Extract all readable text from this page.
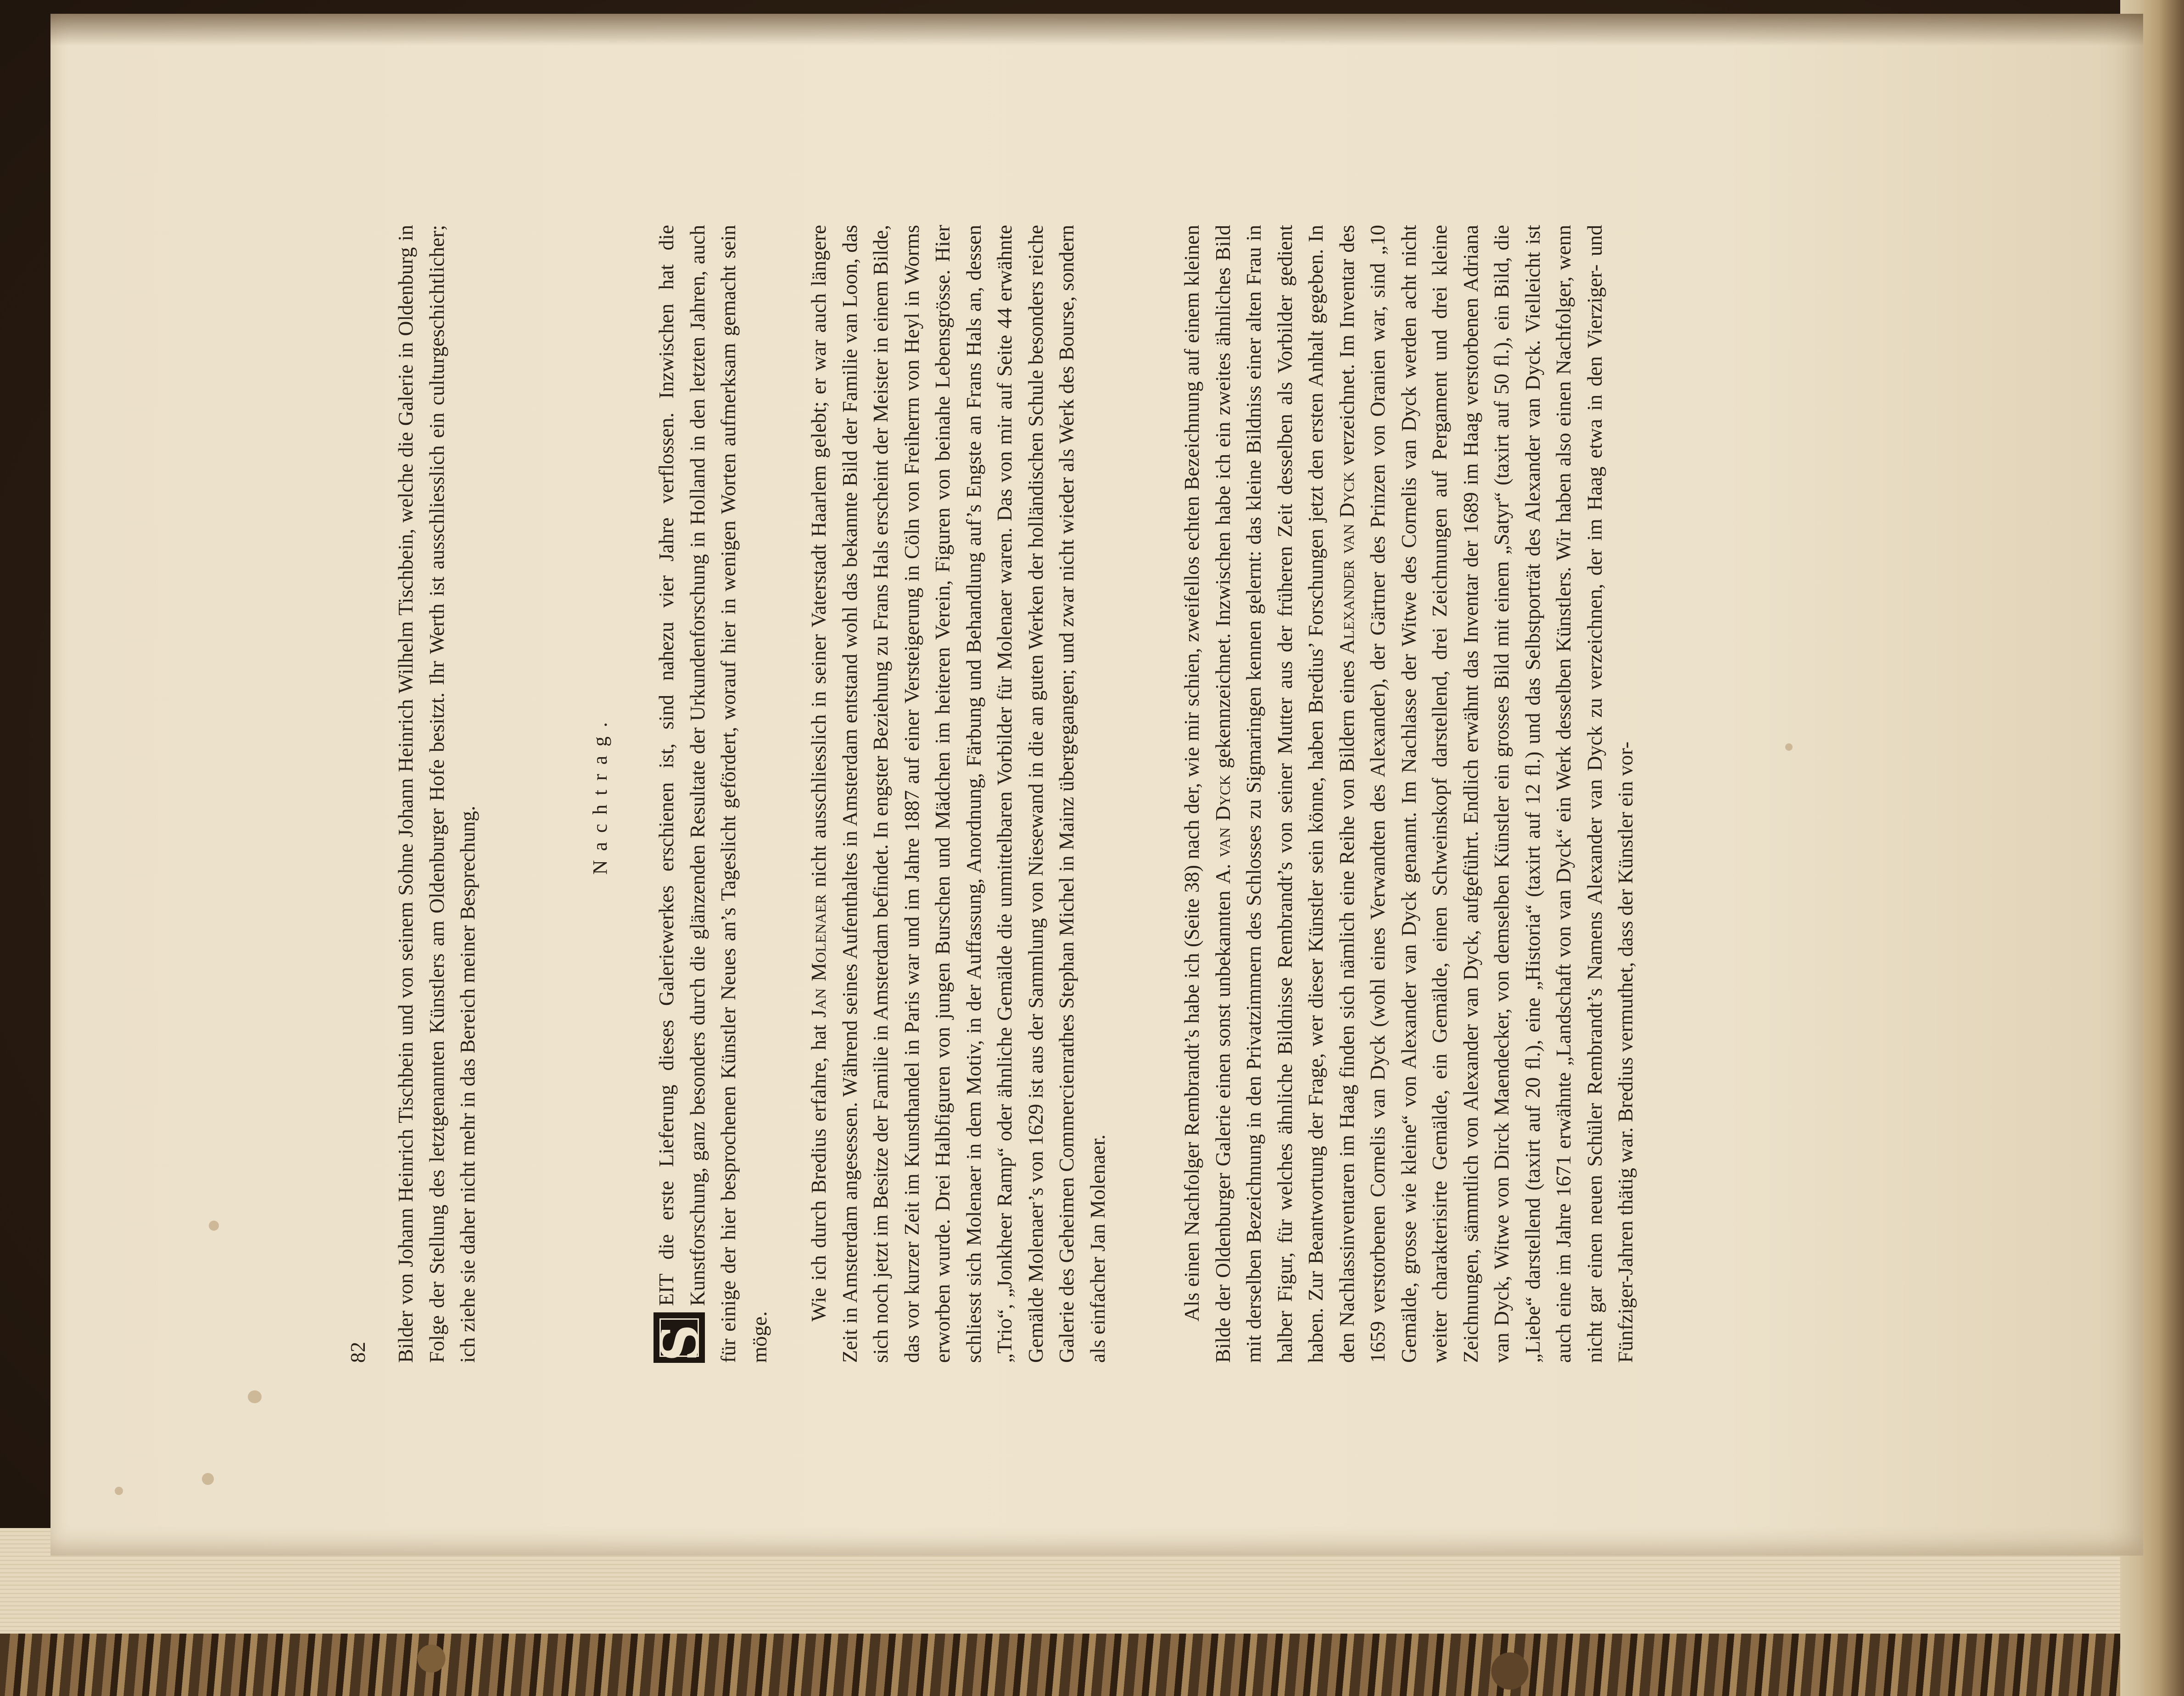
82 Bilder von Johann Heinrich Tischbein und von seinem Sohne Johann Heinrich Wilhelm Tischbein, welche die Galerie in Oldenburg in Folge der Stellung des letztgenannten Künstlers am Oldenburger Hofe besitzt. Ihr Werth ist ausschliesslich ein culturgeschichtlicher; ich ziehe sie daher nicht mehr in das Bereich meiner Besprechung.

Nachtrag.

S
EIT die erste Lieferung dieses Galeriewerkes erschienen ist, sind nahezu vier Jahre verflossen. Inzwischen hat die Kunstforschung, ganz besonders durch die glänzenden Resultate der Urkundenforschung in Holland in den letzten Jahren, auch für einige der hier besprochenen Künstler Neues an’s Tageslicht gefördert, worauf hier in wenigen Worten aufmerksam gemacht sein möge.

Wie ich durch Bredius erfahre, hat Jan Molenaer nicht ausschliesslich in seiner Vaterstadt Haarlem gelebt; er war auch längere Zeit in Amsterdam angesessen. Während seines Aufenthaltes in Amsterdam entstand wohl das bekannte Bild der Familie van Loon, das sich noch jetzt im Besitze der Familie in Amsterdam befindet. In engster Beziehung zu Frans Hals erscheint der Meister in einem Bilde, das vor kurzer Zeit im Kunsthandel in Paris war und im Jahre 1887 auf einer Versteigerung in Cöln von Freiherrn von Heyl in Worms erworben wurde. Drei Halbfiguren von jungen Burschen und Mädchen im heiteren Verein, Figuren von beinahe Lebensgrösse. Hier schliesst sich Molenaer in dem Motiv, in der Auffassung, Anordnung, Färbung und Behandlung auf’s Engste an Frans Hals an, dessen „Trio“, „Jonkheer Ramp“ oder ähnliche Gemälde die unmittelbaren Vorbilder für Molenaer waren. Das von mir auf Seite 44 erwähnte Gemälde Molenaer’s von 1629 ist aus der Sammlung von Niesewand in die an guten Werken der holländischen Schule besonders reiche Galerie des Geheimen Commercienrathes Stephan Michel in Mainz übergegangen; und zwar nicht wieder als Werk des Bourse, sondern als einfacher Jan Molenaer.	Als einen Nachfolger Rembrandt’s habe ich (Seite 38) nach der, wie mir schien, zweifellos echten Bezeichnung auf einem kleinen Bilde der Oldenburger Galerie einen sonst unbekannten A. van Dyck gekennzeichnet. Inzwischen habe ich ein zweites ähnliches Bild mit derselben Bezeichnung in den Privatzimmern des Schlosses zu Sigmaringen kennen gelernt: das kleine Bildniss einer alten Frau in halber Figur, für welches ähnliche Bildnisse Rembrandt’s von seiner Mutter aus der früheren Zeit desselben als Vorbilder gedient haben. Zur Beantwortung der Frage, wer dieser Künstler sein könne, haben Bredius’ Forschungen jetzt den ersten Anhalt gegeben. In den Nachlassinventaren im Haag finden sich nämlich eine Reihe von Bildern eines Alexander van Dyck verzeichnet. Im Inventar des 1659 verstorbenen Cornelis van Dyck (wohl eines Verwandten des Alexander), der Gärtner des Prinzen von Oranien war, sind „10 Gemälde, grosse wie kleine“ von Alexander van Dyck genannt. Im Nachlasse der Witwe des Cornelis van Dyck werden acht nicht weiter charakterisirte Gemälde, ein Gemälde, einen Schweinskopf darstellend, drei Zeichnungen auf Pergament und drei kleine Zeichnungen, sämmtlich von Alexander van Dyck, aufgeführt. Endlich erwähnt das Inventar der 1689 im Haag verstorbenen Adriana van Dyck, Witwe von Dirck Maendecker, von demselben Künstler ein grosses Bild mit einem „Satyr“ (taxirt auf 50 fl.), ein Bild, die „Liebe“ darstellend (taxirt auf 20 fl.), eine „Historia“ (taxirt auf 12 fl.) und das Selbstporträt des Alexander van Dyck. Vielleicht ist auch eine im Jahre 1671 erwähnte „Landschaft von van Dyck“ ein Werk desselben Künstlers. Wir haben also einen Nachfolger, wenn nicht gar einen neuen Schüler Rembrandt’s Namens Alexander van Dyck zu verzeichnen, der im Haag etwa in den Vierziger- und Fünfziger-Jahren thätig war. Bredius vermuthet, dass der Künstler ein vor-
